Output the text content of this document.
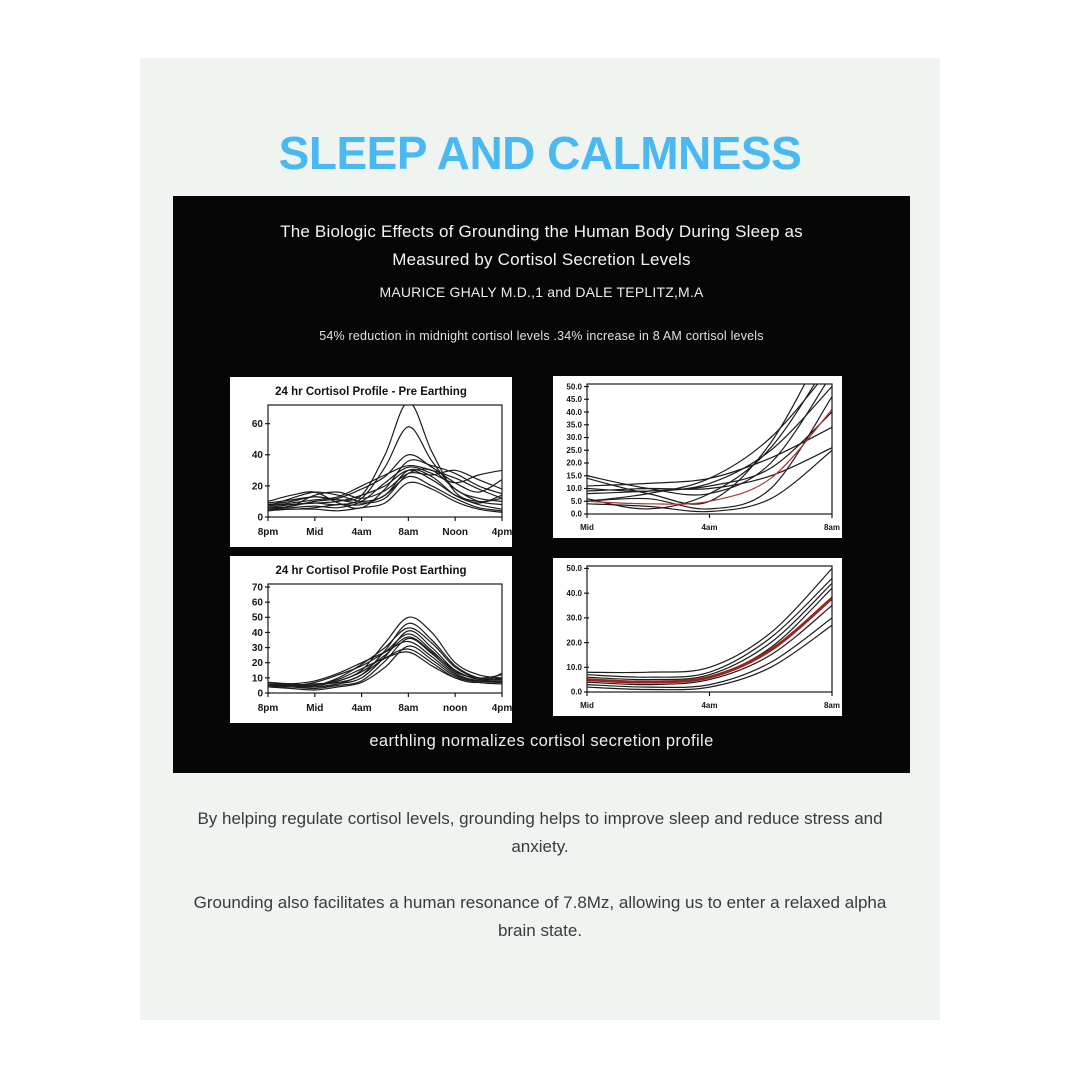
SLEEP AND CALMNESS
The Biologic Effects of Grounding the Human Body During Sleep as
Measured by Cortisol Secretion Levels
MAURICE GHALY M.D.,1 and DALE TEPLITZ,M.A
54% reduction in midnight cortisol levels .34% increase in 8 AM cortisol levels
0
20
40
60
8pm	Mid	4am	8am Noon 4pm
24 hr Cortisol Profile - Pre Earthing
0.0
5.0
10.0
15.0
20.0
25.0
30.0
35.0
40.0
45.0
50.0
Mid	4am	8am
0
10
20
30
40
50
60
70
8pm	Mid	4am	8am noon 4pm
24 hr Cortisol Profile Post Earthing
0.0
10.0
20.0
30.0
40.0
50.0
Mid	4am	8am
earthling normalizes cortisol secretion profile

By helping regulate cortisol levels, grounding helps to improve sleep and reduce stress and anxiety.

Grounding also facilitates a human resonance of 7.8Mz, allowing us to enter a relaxed alpha brain state.
